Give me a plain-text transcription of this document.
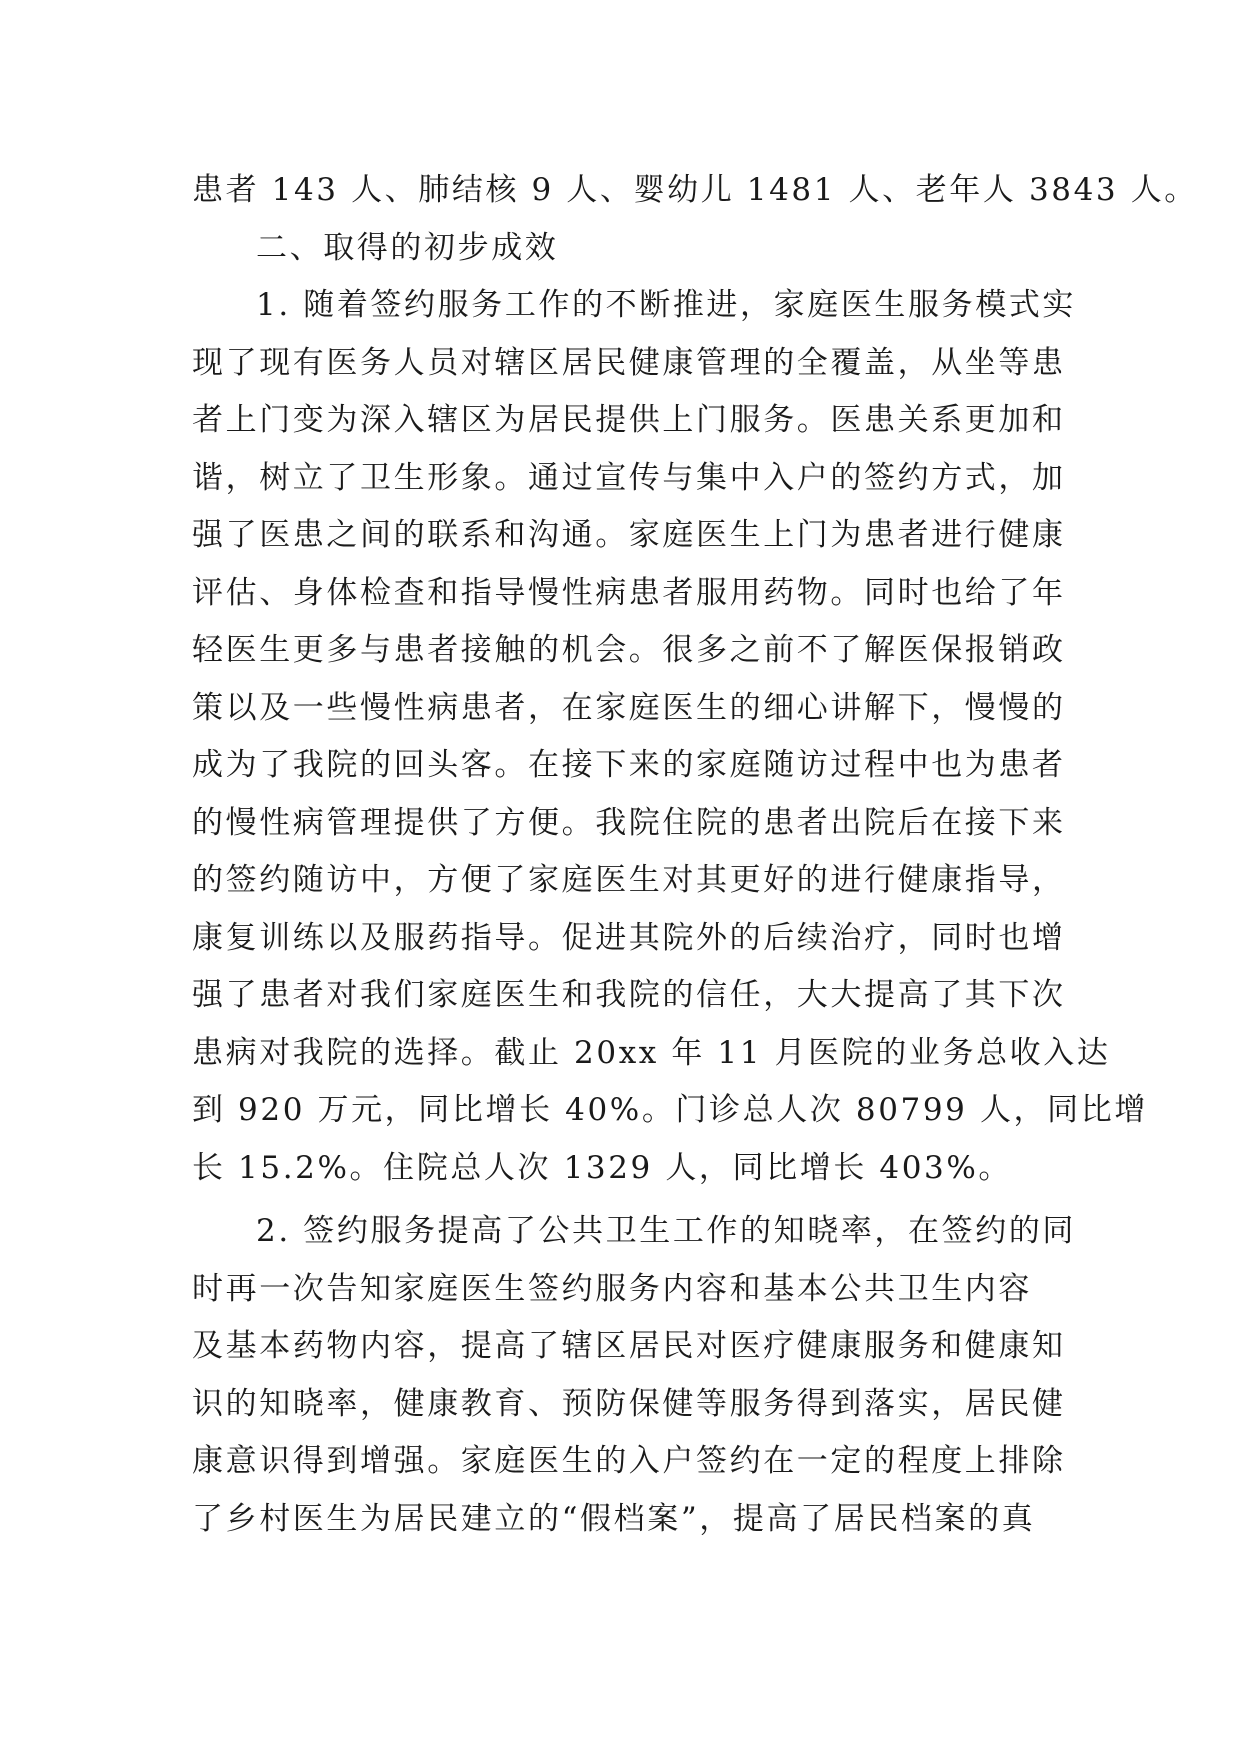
患者 143 人、肺结核 9 人、婴幼儿 1481 人、老年人 3843 人。
二、取得的初步成效
1. 随着签约服务工作的不断推进，家庭医生服务模式实
现了现有医务人员对辖区居民健康管理的全覆盖，从坐等患
者上门变为深入辖区为居民提供上门服务。医患关系更加和
谐，树立了卫生形象。通过宣传与集中入户的签约方式，加
强了医患之间的联系和沟通。家庭医生上门为患者进行健康
评估、身体检查和指导慢性病患者服用药物。同时也给了年
轻医生更多与患者接触的机会。很多之前不了解医保报销政
策以及一些慢性病患者，在家庭医生的细心讲解下，慢慢的
成为了我院的回头客。在接下来的家庭随访过程中也为患者
的慢性病管理提供了方便。我院住院的患者出院后在接下来
的签约随访中，方便了家庭医生对其更好的进行健康指导，
康复训练以及服药指导。促进其院外的后续治疗，同时也增
强了患者对我们家庭医生和我院的信任，大大提高了其下次
患病对我院的选择。截止 20xx 年 11 月医院的业务总收入达
到 920 万元，同比增长 40%。门诊总人次 80799 人，同比增
长 15.2%。住院总人次 1329 人，同比增长 403%。
2. 签约服务提高了公共卫生工作的知晓率，在签约的同
时再一次告知家庭医生签约服务内容和基本公共卫生内容
及基本药物内容，提高了辖区居民对医疗健康服务和健康知
识的知晓率，健康教育、预防保健等服务得到落实，居民健
康意识得到增强。家庭医生的入户签约在一定的程度上排除
了乡村医生为居民建立的“假档案”，提高了居民档案的真
